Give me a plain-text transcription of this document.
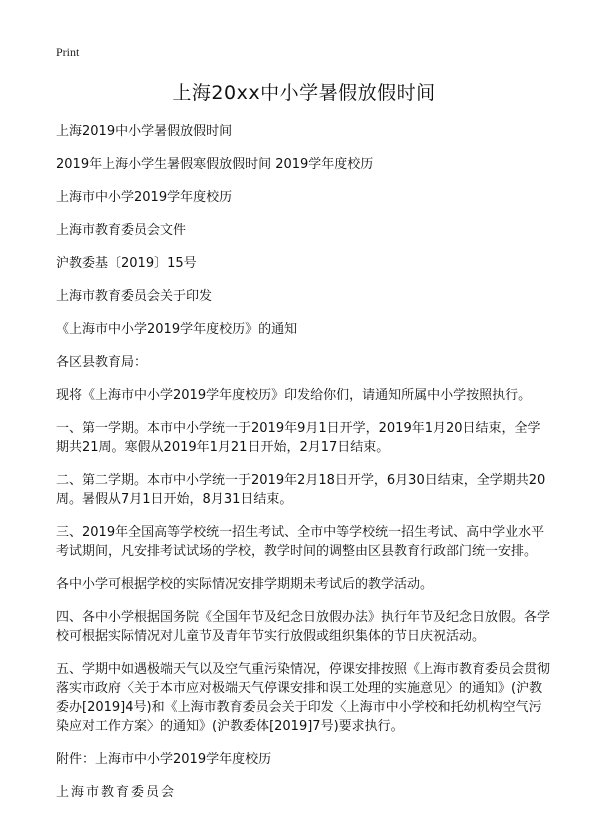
Print
上海20xx中小学暑假放假时间

上海2019中小学暑假放假时间

2019年上海小学生暑假寒假放假时间 2019学年度校历

上海市中小学2019学年度校历

上海市教育委员会文件

沪教委基〔2019〕15号

上海市教育委员会关于印发

《上海市中小学2019学年度校历》的通知

各区县教育局：

现将《上海市中小学2019学年度校历》印发给你们，请通知所属中小学按照执行。

一、第一学期。本市中小学统一于2019年9月1日开学，2019年1月20日结束，全学期共21周。寒假从2019年1月21日开始，2月17日结束。

二、第二学期。本市中小学统一于2019年2月18日开学，6月30日结束，全学期共20周。暑假从7月1日开始，8月31日结束。

三、2019年全国高等学校统一招生考试、全市中等学校统一招生考试、高中学业水平考试期间，凡安排考试试场的学校，教学时间的调整由区县教育行政部门统一安排。

各中小学可根据学校的实际情况安排学期期未考试后的教学活动。

四、各中小学根据国务院《全国年节及纪念日放假办法》执行年节及纪念日放假。各学校可根据实际情况对儿童节及青年节实行放假或组织集体的节日庆祝活动。

五、学期中如遇极端天气以及空气重污染情况，停课安排按照《上海市教育委员会贯彻落实市政府〈关于本市应对极端天气停课安排和误工处理的实施意见〉的通知》(沪教委办[2019]4号)和《上海市教育委员会关于印发〈上海市中小学校和托幼机构空气污染应对工作方案〉的通知》(沪教委体[2019]7号)要求执行。

附件：上海市中小学2019学年度校历

上海市教育委员会
